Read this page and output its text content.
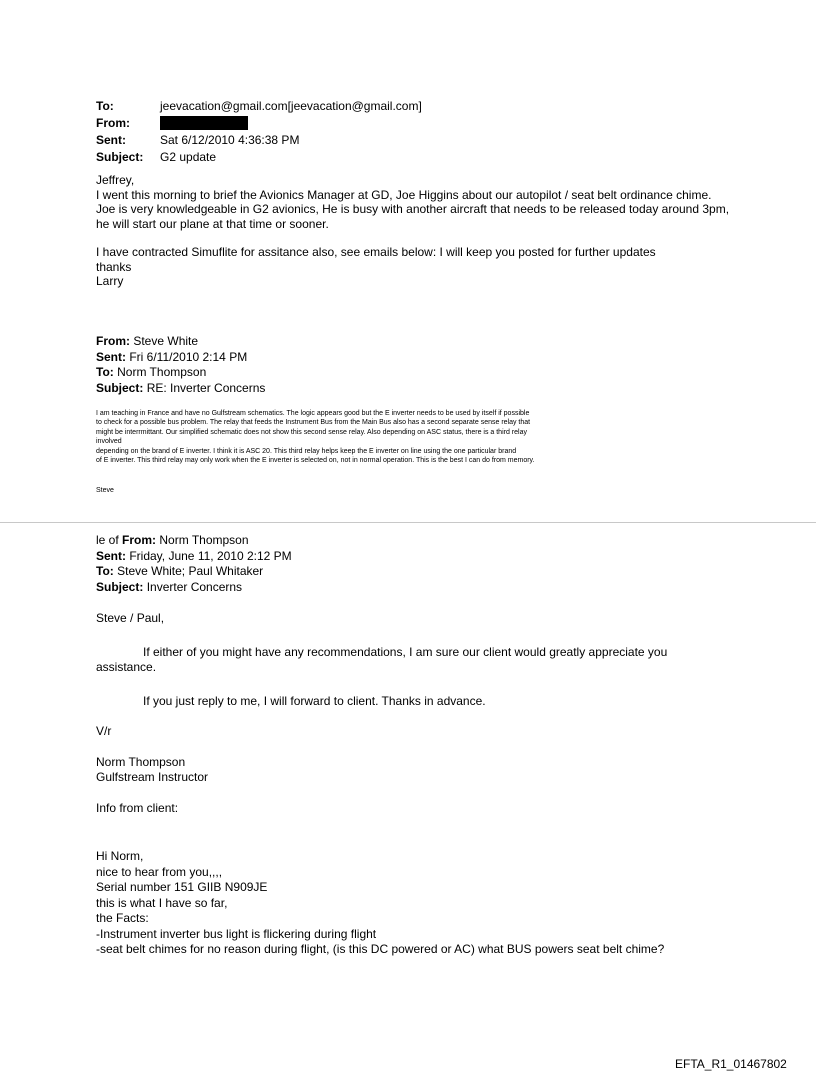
To:	jeevacation@gmail.com[jeevacation@gmail.com]
From:
Sent:	Sat 6/12/2010 4:36:38 PM
Subject:	G2 update

Jeffrey,

I went this morning to brief the Avionics Manager at GD, Joe Higgins about our autopilot / seat belt ordinance chime.

Joe is very knowledgeable in G2 avionics, He is busy with another aircraft that needs to be released today around 3pm, he will start our plane at that time or sooner.

I have contracted Simuflite for assitance also, see emails below: I will keep you posted for further updates

thanks

Larry

From: Steve White
Sent: Fri 6/11/2010 2:14 PM
To: Norm Thompson
Subject: RE: Inverter Concerns

I am teaching in France and have no Gulfstream schematics. The logic appears good but the E inverter needs to be used by itself if possible

to check for a possible bus problem. The relay that feeds the Instrument Bus from the Main Bus also has a second separate sense relay that

might be interrmittant. Our simplified schematic does not show this second sense relay. Also depending on ASC status, there is a third relay

involved

depending on the brand of E inverter. I think it is ASC 20. This third relay helps keep the E inverter on line using the one particular brand

of E inverter. This third relay may only work when the E inverter is selected on, not in normal operation. This is the best I can do from memory.

Steve
le of From: Norm Thompson
Sent: Friday, June 11, 2010 2:12 PM
To: Steve White; Paul Whitaker
Subject: Inverter Concerns

Steve / Paul,

If either of you might have any recommendations, I am sure our client would greatly appreciate you assistance.

If you just reply to me, I will forward to client. Thanks in advance.

V/r

Norm Thompson

Gulfstream Instructor

Info from client:

Hi Norm,

nice to hear from you,,,,

Serial number 151 GIIB N909JE

this is what I have so far,

the Facts:

-Instrument inverter bus light is flickering during flight

-seat belt chimes for no reason during flight, (is this DC powered or AC) what BUS powers seat belt chime?

EFTA_R1_01467802
